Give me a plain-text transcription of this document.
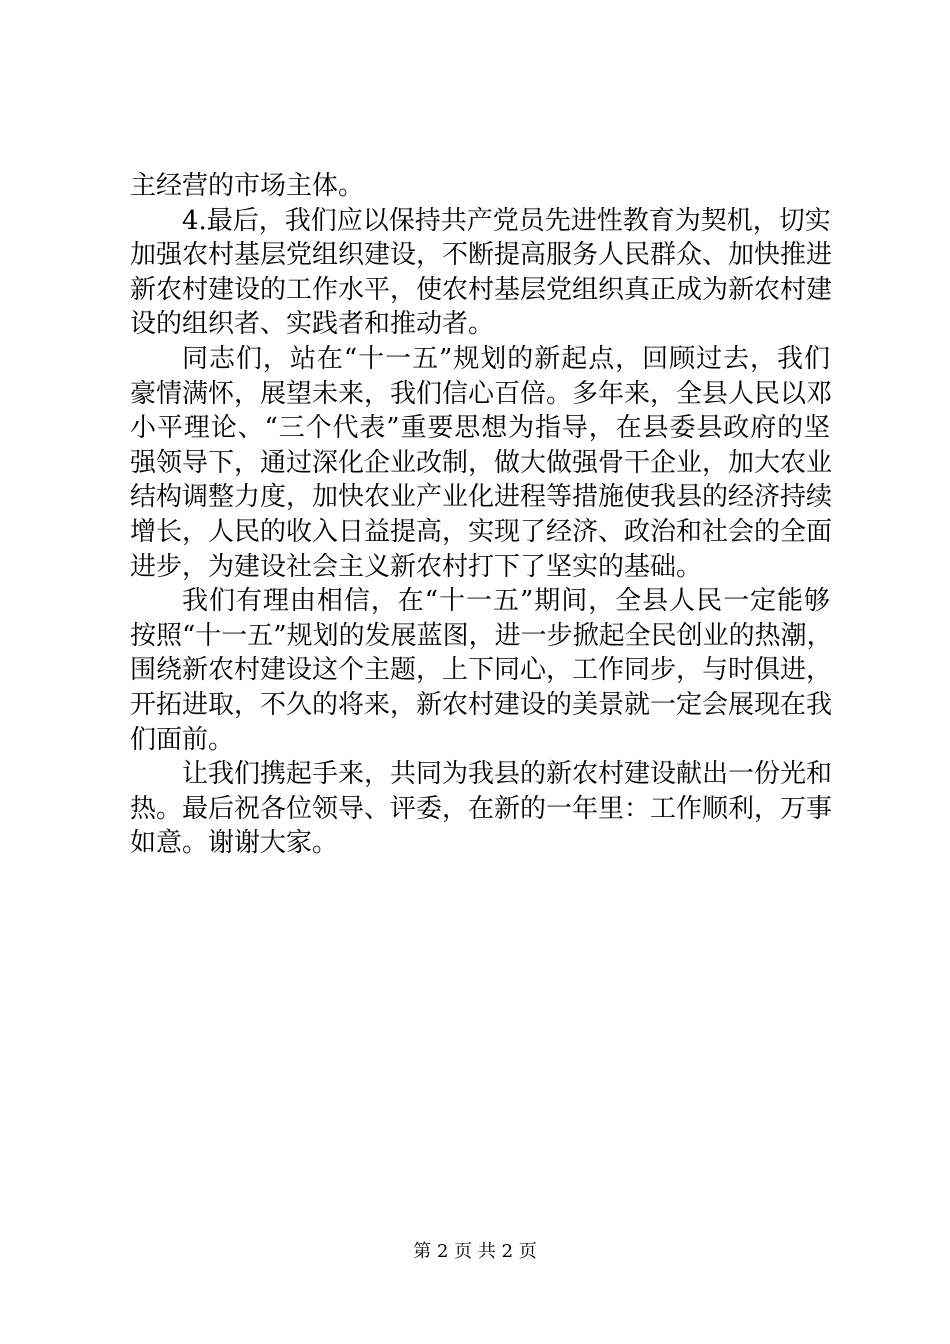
主经营的市场主体。
4.最后，我们应以保持共产党员先进性教育为契机，切实
加强农村基层党组织建设，不断提高服务人民群众、加快推进
新农村建设的工作水平，使农村基层党组织真正成为新农村建
设的组织者、实践者和推动者。
同志们，站在“十一五”规划的新起点，回顾过去，我们
豪情满怀，展望未来，我们信心百倍。多年来，全县人民以邓
小平理论、“三个代表”重要思想为指导，在县委县政府的坚
强领导下，通过深化企业改制，做大做强骨干企业，加大农业
结构调整力度，加快农业产业化进程等措施使我县的经济持续
增长，人民的收入日益提高，实现了经济、政治和社会的全面
进步，为建设社会主义新农村打下了坚实的基础。
我们有理由相信，在“十一五”期间，全县人民一定能够
按照“十一五”规划的发展蓝图，进一步掀起全民创业的热潮，
围绕新农村建设这个主题，上下同心，工作同步，与时俱进，
开拓进取，不久的将来，新农村建设的美景就一定会展现在我
们面前。
让我们携起手来，共同为我县的新农村建设献出一份光和
热。最后祝各位领导、评委，在新的一年里：工作顺利，万事
如意。谢谢大家。
第 2 页 共 2 页
